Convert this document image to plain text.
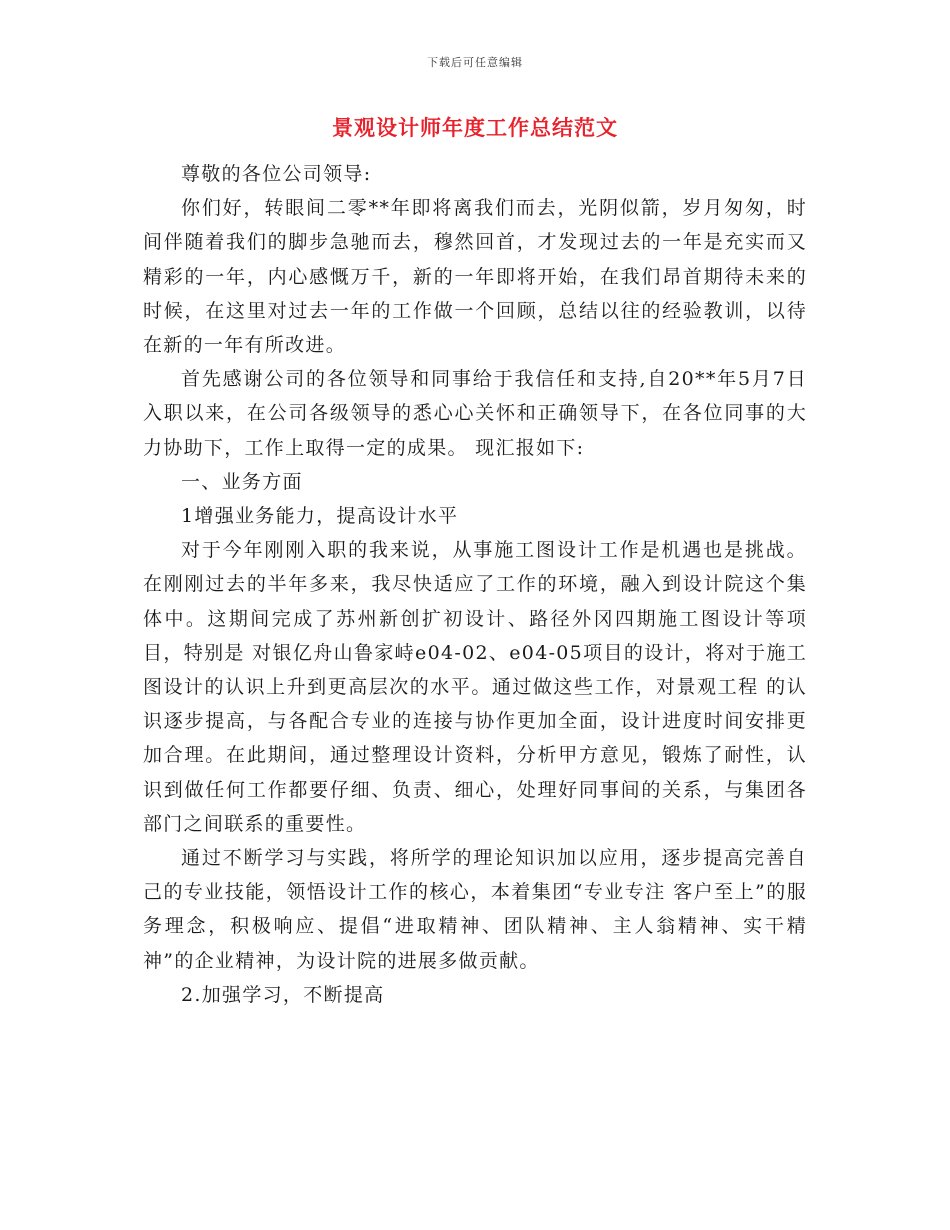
下载后可任意编辑
景观设计师年度工作总结范文

尊敬的各位公司领导:

你们好，转眼间二零**年即将离我们而去，光阴似箭，岁月匆匆，时间伴随着我们的脚步急驰而去，穆然回首，才发现过去的一年是充实而又精彩的一年，内心感慨万千，新的一年即将开始，在我们昂首期待未来的时候，在这里对过去一年的工作做一个回顾，总结以往的经验教训，以待在新的一年有所改进。

首先感谢公司的各位领导和同事给于我信任和支持,自20**年5月7日入职以来，在公司各级领导的悉心心关怀和正确领导下，在各位同事的大力协助下，工作上取得一定的成果。 现汇报如下:

一、业务方面

1增强业务能力，提高设计水平

对于今年刚刚入职的我来说，从事施工图设计工作是机遇也是挑战。在刚刚过去的半年多来，我尽快适应了工作的环境，融入到设计院这个集体中。这期间完成了苏州新创扩初设计、路径外冈四期施工图设计等项目，特别是 对银亿舟山鲁家峙e04-02、e04-05项目的设计，将对于施工图设计的认识上升到更高层次的水平。通过做这些工作，对景观工程 的认识逐步提高，与各配合专业的连接与协作更加全面，设计进度时间安排更加合理。在此期间，通过整理设计资料，分析甲方意见，锻炼了耐性，认识到做任何工作都要仔细、负责、细心，处理好同事间的关系，与集团各部门之间联系的重要性。

通过不断学习与实践，将所学的理论知识加以应用，逐步提高完善自己的专业技能，领悟设计工作的核心，本着集团“专业专注 客户至上”的服务理念，积极响应、提倡“进取精神、团队精神、主人翁精神、实干精神”的企业精神，为设计院的进展多做贡献。

2.加强学习，不断提高
